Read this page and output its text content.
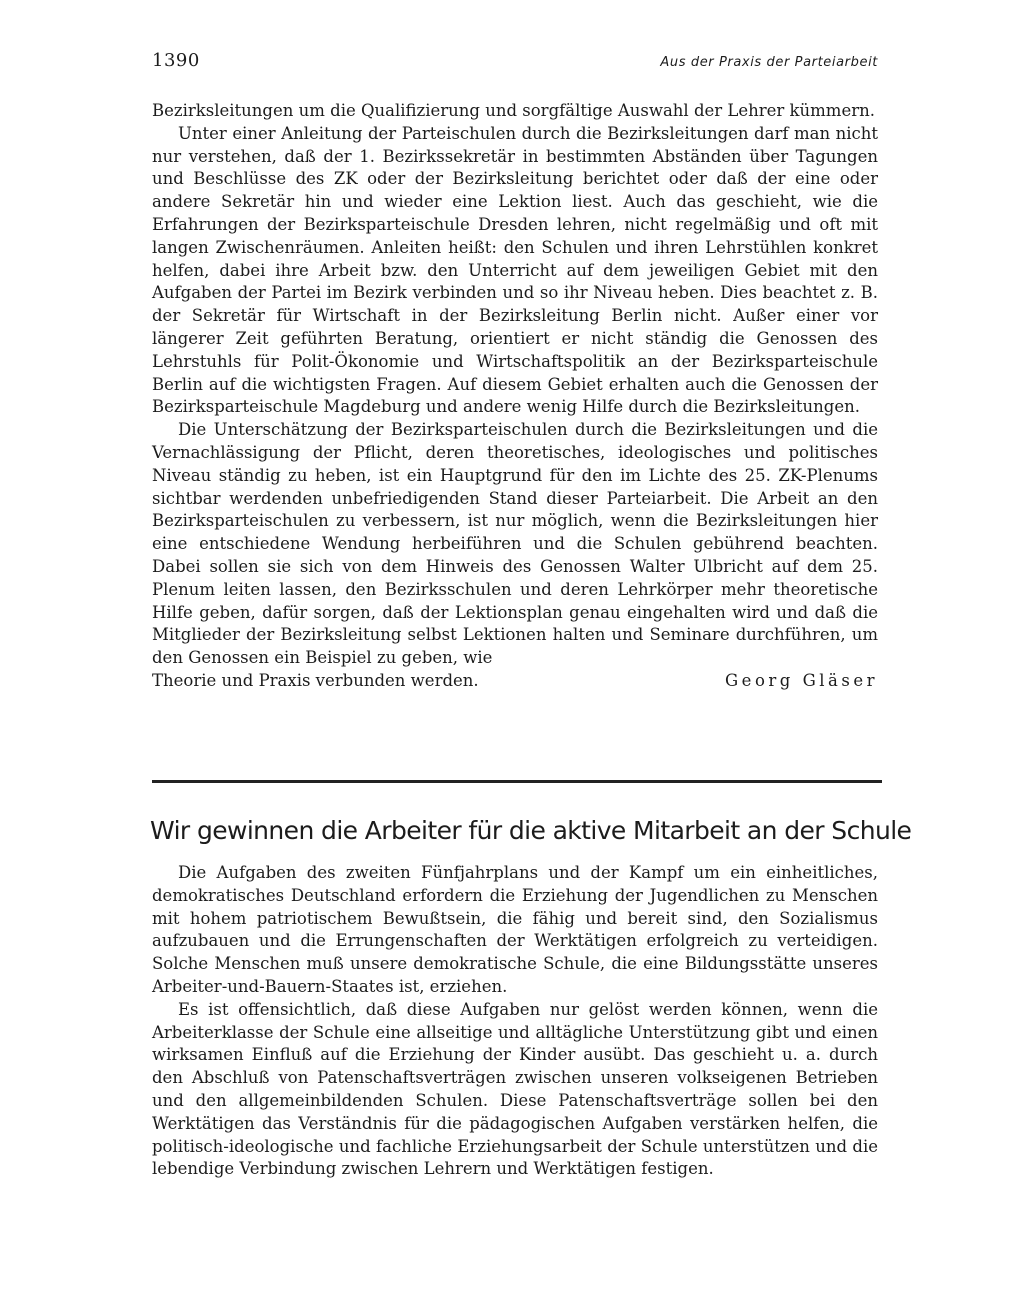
1390	Aus der Praxis der Parteiarbeit

Bezirksleitungen um die Qualifizierung und sorgfältige Auswahl der Lehrer kümmern.

Unter einer Anleitung der Parteischulen durch die Bezirksleitungen darf man nicht nur verstehen, daß der 1. Bezirkssekretär in bestimmten Abständen über Tagungen und Beschlüsse des ZK oder der Bezirksleitung berichtet oder daß der eine oder andere Sekretär hin und wieder eine Lektion liest. Auch das geschieht, wie die Erfahrungen der Bezirksparteischule Dresden lehren, nicht regelmäßig und oft mit langen Zwischenräumen. Anleiten heißt: den Schulen und ihren Lehrstühlen konkret helfen, dabei ihre Arbeit bzw. den Unterricht auf dem jeweiligen Gebiet mit den Aufgaben der Partei im Bezirk verbinden und so ihr Niveau heben. Dies beachtet z. B. der Sekretär für Wirtschaft in der Bezirksleitung Berlin nicht. Außer einer vor längerer Zeit geführten Beratung, orientiert er nicht ständig die Genossen des Lehrstuhls für Polit-Ökonomie und Wirtschaftspolitik an der Bezirksparteischule Berlin auf die wichtigsten Fragen. Auf diesem Gebiet erhalten auch die Genossen der Bezirksparteischule Magdeburg und andere wenig Hilfe durch die Bezirksleitungen.

Die Unterschätzung der Bezirksparteischulen durch die Bezirksleitungen und die Vernachlässigung der Pflicht, deren theoretisches, ideologisches und politisches Niveau ständig zu heben, ist ein Hauptgrund für den im Lichte des 25. ZK-Plenums sichtbar werdenden unbefriedigenden Stand dieser Parteiarbeit. Die Arbeit an den Bezirksparteischulen zu verbessern, ist nur möglich, wenn die Bezirksleitungen hier eine entschiedene Wendung herbeiführen und die Schulen gebührend beachten. Dabei sollen sie sich von dem Hinweis des Genossen Walter Ulbricht auf dem 25. Plenum leiten lassen, den Bezirksschulen und deren Lehrkörper mehr theoretische Hilfe geben, dafür sorgen, daß der Lektionsplan genau eingehalten wird und daß die Mitglieder der Bezirksleitung selbst Lektionen halten und Seminare durchführen, um den Genossen ein Beispiel zu geben, wie

Theorie und Praxis verbunden werden.	Georg Gläser
Wir gewinnen die Arbeiter für die aktive Mitarbeit an der Schule

Die Aufgaben des zweiten Fünfjahrplans und der Kampf um ein einheitliches, demokratisches Deutschland erfordern die Erziehung der Jugendlichen zu Menschen mit hohem patriotischem Bewußtsein, die fähig und bereit sind, den Sozialismus aufzubauen und die Errungenschaften der Werktätigen erfolgreich zu verteidigen. Solche Menschen muß unsere demokratische Schule, die eine Bildungsstätte unseres Arbeiter-und-Bauern-Staates ist, erziehen.

Es ist offensichtlich, daß diese Aufgaben nur gelöst werden können, wenn die Arbeiterklasse der Schule eine allseitige und alltägliche Unterstützung gibt und einen wirksamen Einfluß auf die Erziehung der Kinder ausübt. Das geschieht u. a. durch den Abschluß von Patenschaftsverträgen zwischen unseren volkseigenen Betrieben und den allgemeinbildenden Schulen. Diese Patenschaftsverträge sollen bei den Werktätigen das Verständnis für die pädagogischen Aufgaben verstärken helfen, die politisch-ideologische und fachliche Erziehungsarbeit der Schule unterstützen und die lebendige Verbindung zwischen Lehrern und Werktätigen festigen.
